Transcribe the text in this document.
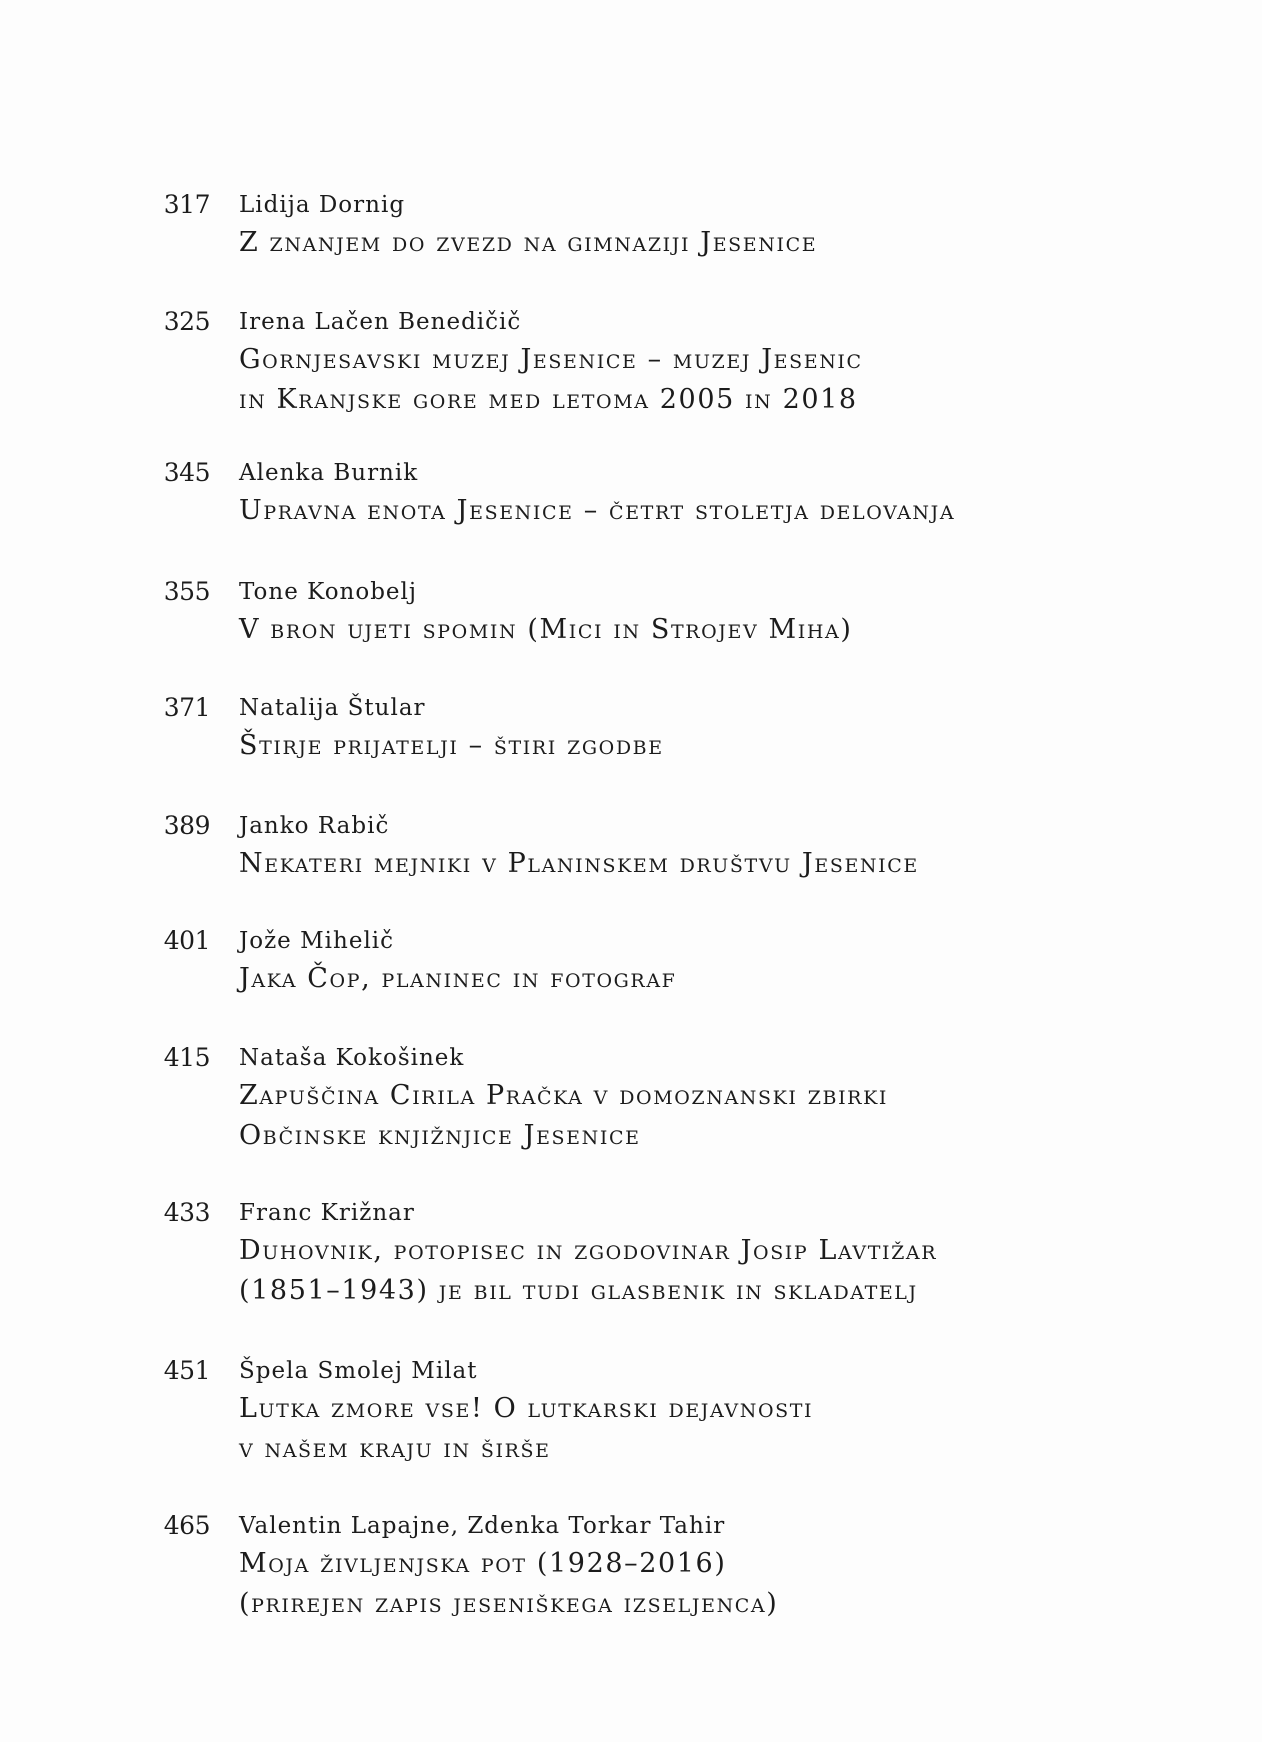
317 Lidija Dornig
Z znanjem do zvezd na gimnaziji Jesenice
325 Irena Lačen Benedičič
Gornjesavski muzej Jesenice – muzej Jesenic
in Kranjske gore med letoma 2005 in 2018
345 Alenka Burnik
Upravna enota Jesenice – četrt stoletja delovanja
355 Tone Konobelj
V bron ujeti spomin (Mici in Strojev Miha)
371 Natalija Štular
Štirje prijatelji – štiri zgodbe
389 Janko Rabič
Nekateri mejniki v Planinskem društvu Jesenice
401 Jože Mihelič
Jaka Čop, planinec in fotograf
415 Nataša Kokošinek
Zapuščina Cirila Pračka v domoznanski zbirki
Občinske knjižnjice Jesenice
433 Franc Križnar
Duhovnik, potopisec in zgodovinar Josip Lavtižar
(1851–1943) je bil tudi glasbenik in skladatelj
451 Špela Smolej Milat
Lutka zmore vse! O lutkarski dejavnosti
v našem kraju in širše
465 Valentin Lapajne, Zdenka Torkar Tahir
Moja življenjska pot (1928–2016)
(prirejen zapis jeseniškega izseljenca)
